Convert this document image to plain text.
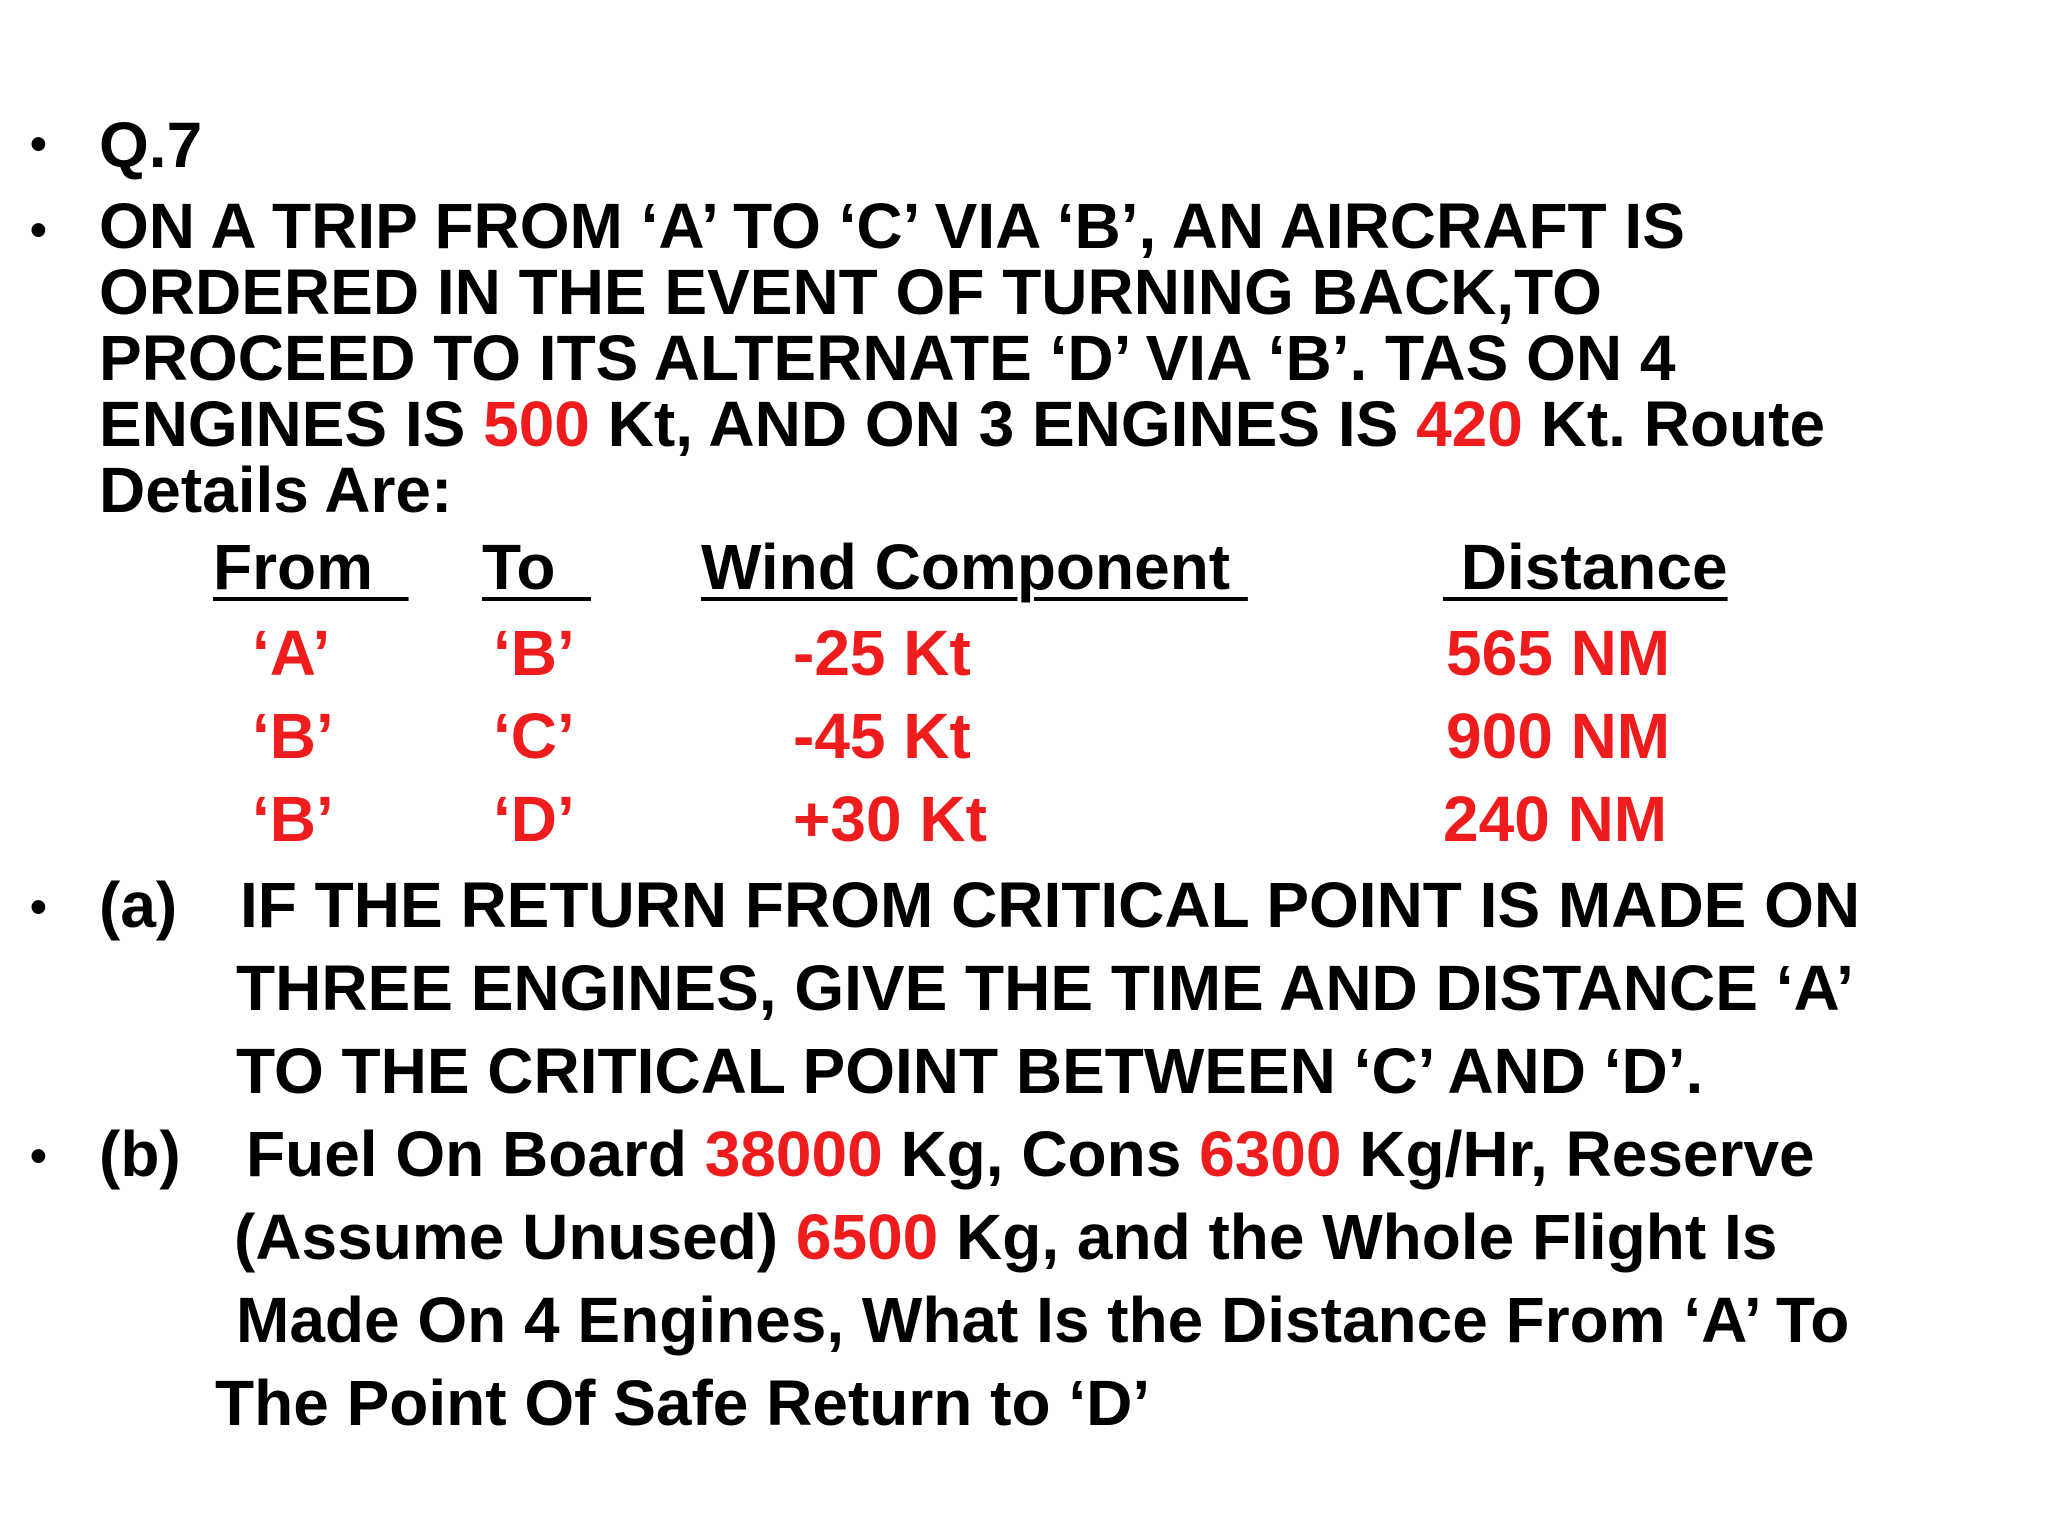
• Q.7
• ON A TRIP FROM ‘A’ TO ‘C’ VIA ‘B’, AN AIRCRAFT IS
ORDERED IN THE EVENT OF TURNING BACK,TO
PROCEED TO ITS ALTERNATE ‘D’ VIA ‘B’. TAS ON 4
ENGINES IS 500 Kt, AND ON 3 ENGINES IS 420 Kt. Route
Details Are:
From To Wind Component	Distance
‘A’	‘B’	-25 Kt	565 NM
‘B’ ‘C’	-45 Kt	900 NM
‘B’ ‘D’	+30 Kt	240 NM
• (a) IF THE RETURN FROM CRITICAL POINT IS MADE ON
THREE ENGINES, GIVE THE TIME AND DISTANCE ‘A’
TO THE CRITICAL POINT BETWEEN ‘C’ AND ‘D’.
• (b) Fuel On Board 38000 Kg, Cons 6300 Kg/Hr, Reserve
(Assume Unused) 6500 Kg, and the Whole Flight Is
Made On 4 Engines, What Is the Distance From ‘A’ To
The Point Of Safe Return to ‘D’
